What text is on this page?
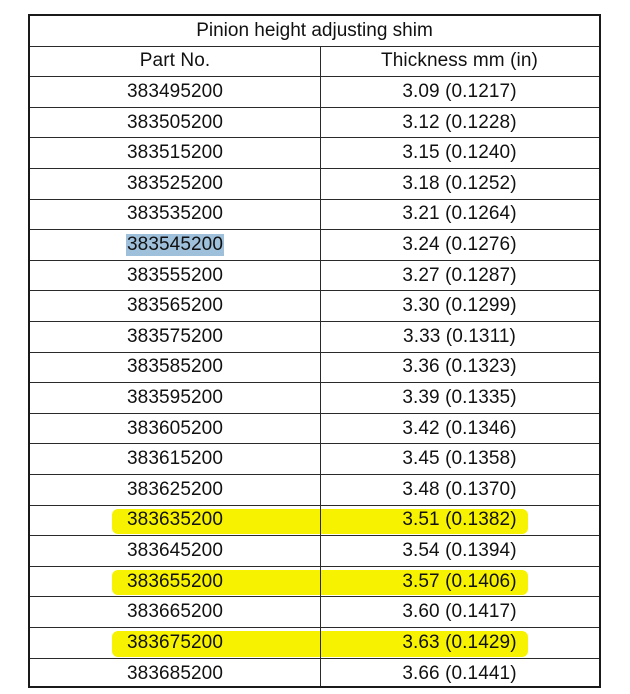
Pinion height adjusting shim
Part No.	Thickness mm (in)
383495200	3.09 (0.1217)
383505200	3.12 (0.1228)
383515200	3.15 (0.1240)
383525200	3.18 (0.1252)
383535200	3.21 (0.1264)
383545200	3.24 (0.1276)
383555200	3.27 (0.1287)
383565200	3.30 (0.1299)
383575200	3.33 (0.1311)
383585200	3.36 (0.1323)
383595200	3.39 (0.1335)
383605200	3.42 (0.1346)
383615200	3.45 (0.1358)
383625200	3.48 (0.1370)
383635200	3.51 (0.1382)
383645200	3.54 (0.1394)
383655200	3.57 (0.1406)
383665200	3.60 (0.1417)
383675200	3.63 (0.1429)
383685200	3.66 (0.1441)
